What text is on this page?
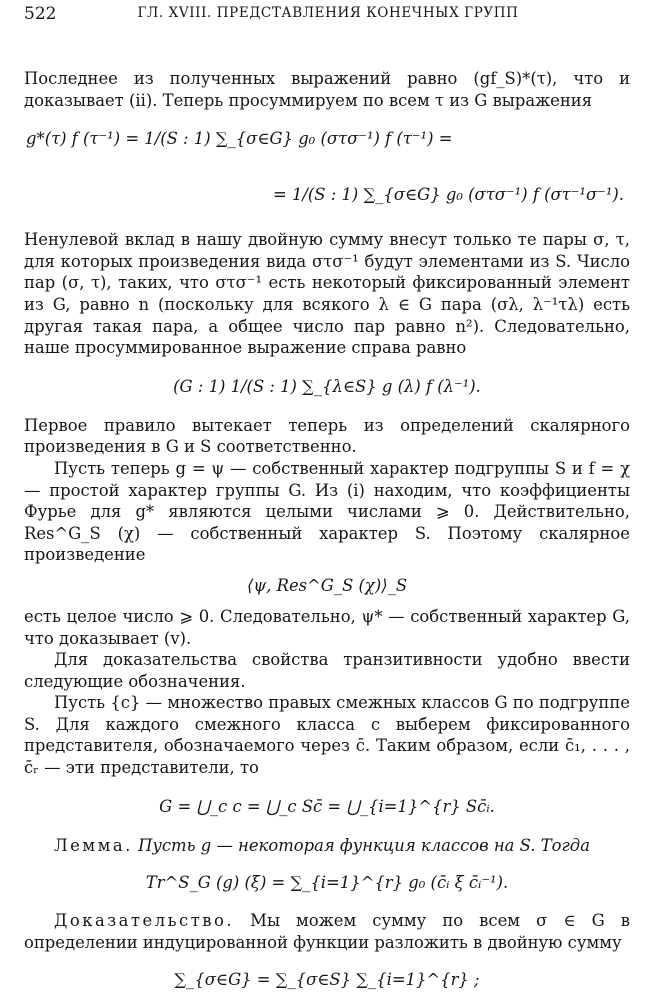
522	ГЛ. XVIII. ПРЕДСТАВЛЕНИЯ КОНЕЧНЫХ ГРУПП

Последнее из полученных выражений равно (gf_S)*(τ), что и доказывает (ii). Теперь просуммируем по всем τ из G выражения

g*(τ) f (τ⁻¹) = 1/(S : 1) ∑_{σ∈G} g₀ (στσ⁻¹) f (τ⁻¹) =

= 1/(S : 1) ∑_{σ∈G} g₀ (στσ⁻¹) f (στ⁻¹σ⁻¹).

Ненулевой вклад в нашу двойную сумму внесут только те пары σ, τ, для которых произведения вида στσ⁻¹ будут элементами из S. Число пар (σ, τ), таких, что στσ⁻¹ есть некоторый фиксированный элемент из G, равно n (поскольку для всякого λ ∈ G пара (σλ, λ⁻¹τλ) есть другая такая пара, а общее число пар равно n²). Следовательно, наше просуммированное выражение справа равно

(G : 1) 1/(S : 1) ∑_{λ∈S} g (λ) f (λ⁻¹).

Первое правило вытекает теперь из определений скалярного произведения в G и S соответственно.

Пусть теперь g = ψ — собственный характер подгруппы S и f = χ — простой характер группы G. Из (i) находим, что коэффициенты Фурье для g* являются целыми числами ⩾ 0. Действительно, Res^G_S (χ) — собственный характер S. Поэтому скалярное произведение

⟨ψ, Res^G_S (χ)⟩_S

есть целое число ⩾ 0. Следовательно, ψ* — собственный характер G, что доказывает (v).

Для доказательства свойства транзитивности удобно ввести следующие обозначения.

Пусть {c} — множество правых смежных классов G по подгруппе S. Для каждого смежного класса c выберем фиксированного представителя, обозначаемого через c̄. Таким образом, если c̄₁, . . . , c̄ᵣ — эти представители, то

G = ⋃_c c = ⋃_c Sc̄ = ⋃_{i=1}^{r} Sc̄ᵢ.

Лемма. Пусть g — некоторая функция классов на S. Тогда

Tr^S_G (g) (ξ) = ∑_{i=1}^{r} g₀ (c̄ᵢ ξ c̄ᵢ⁻¹).

Доказательство. Мы можем сумму по всем σ ∈ G в определении индуцированной функции разложить в двойную сумму

∑_{σ∈G} = ∑_{σ∈S} ∑_{i=1}^{r} ;
